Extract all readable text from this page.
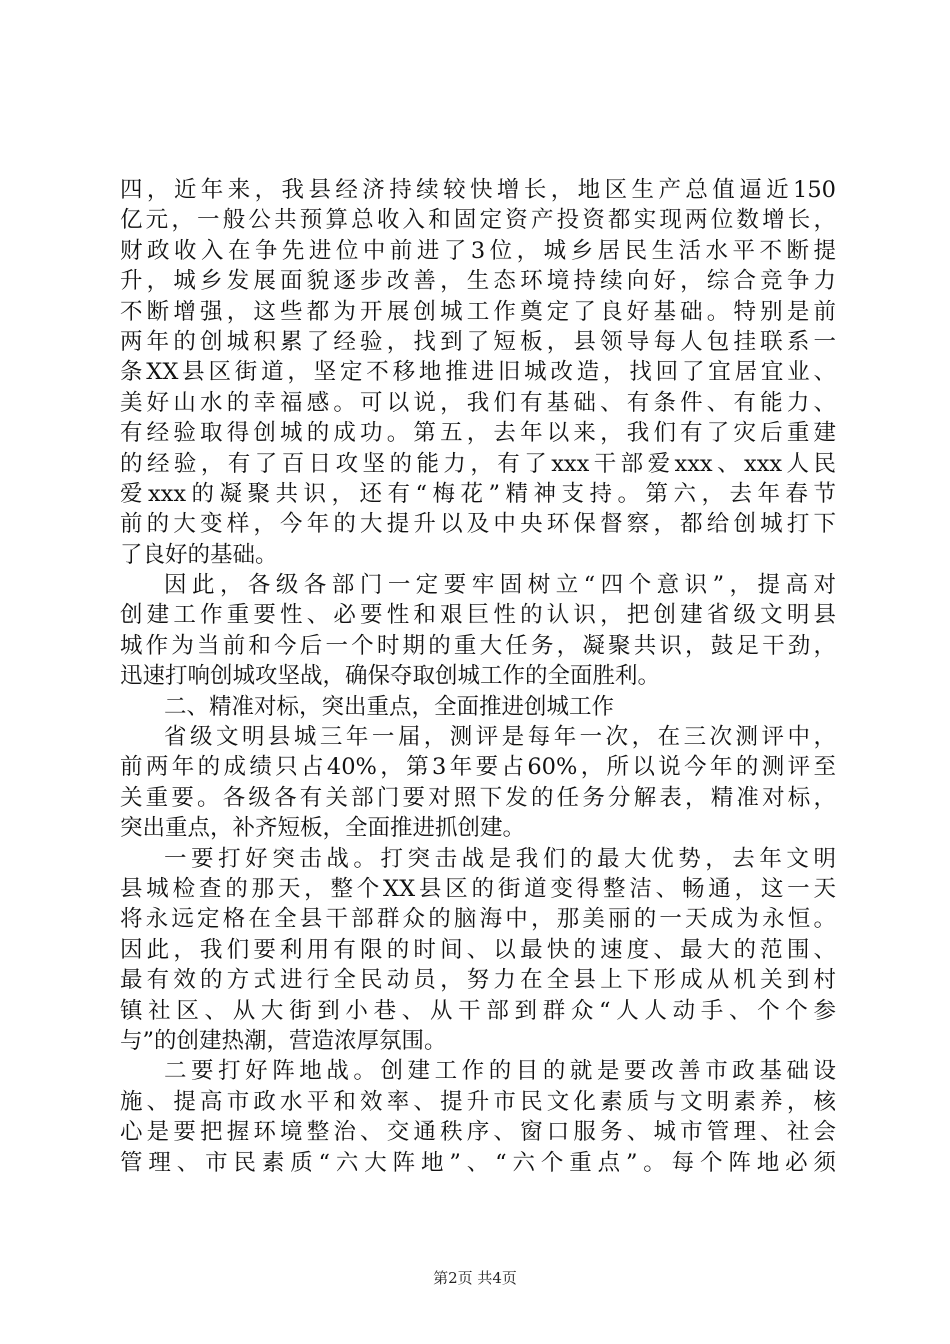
四，近年来，我县经济持续较快增长，地区生产总值逼近150
亿元，一般公共预算总收入和固定资产投资都实现两位数增长，
财政收入在争先进位中前进了3位，城乡居民生活水平不断提
升，城乡发展面貌逐步改善，生态环境持续向好，综合竞争力
不断增强，这些都为开展创城工作奠定了良好基础。特别是前
两年的创城积累了经验，找到了短板，县领导每人包挂联系一
条XX县区街道，坚定不移地推进旧城改造，找回了宜居宜业、
美好山水的幸福感。可以说，我们有基础、有条件、有能力、
有经验取得创城的成功。第五，去年以来，我们有了灾后重建
的经验，有了百日攻坚的能力，有了xxx干部爱xxx、xxx人民
爱xxx的凝聚共识，还有“梅花”精神支持。第六，去年春节
前的大变样，今年的大提升以及中央环保督察，都给创城打下
了良好的基础。
因此，各级各部门一定要牢固树立“四个意识”，提高对
创建工作重要性、必要性和艰巨性的认识，把创建省级文明县
城作为当前和今后一个时期的重大任务，凝聚共识，鼓足干劲，
迅速打响创城攻坚战，确保夺取创城工作的全面胜利。
二、精准对标，突出重点，全面推进创城工作
省级文明县城三年一届，测评是每年一次，在三次测评中，
前两年的成绩只占40%，第3年要占60%，所以说今年的测评至
关重要。各级各有关部门要对照下发的任务分解表，精准对标，
突出重点，补齐短板，全面推进抓创建。
一要打好突击战。打突击战是我们的最大优势，去年文明
县城检查的那天，整个XX县区的街道变得整洁、畅通，这一天
将永远定格在全县干部群众的脑海中，那美丽的一天成为永恒。
因此，我们要利用有限的时间、以最快的速度、最大的范围、
最有效的方式进行全民动员，努力在全县上下形成从机关到村
镇社区、从大街到小巷、从干部到群众“人人动手、个个参
与”的创建热潮，营造浓厚氛围。
二要打好阵地战。创建工作的目的就是要改善市政基础设
施、提高市政水平和效率、提升市民文化素质与文明素养，核
心是要把握环境整治、交通秩序、窗口服务、城市管理、社会
管理、市民素质“六大阵地”、“六个重点”。每个阵地必须
第2页 共4页
